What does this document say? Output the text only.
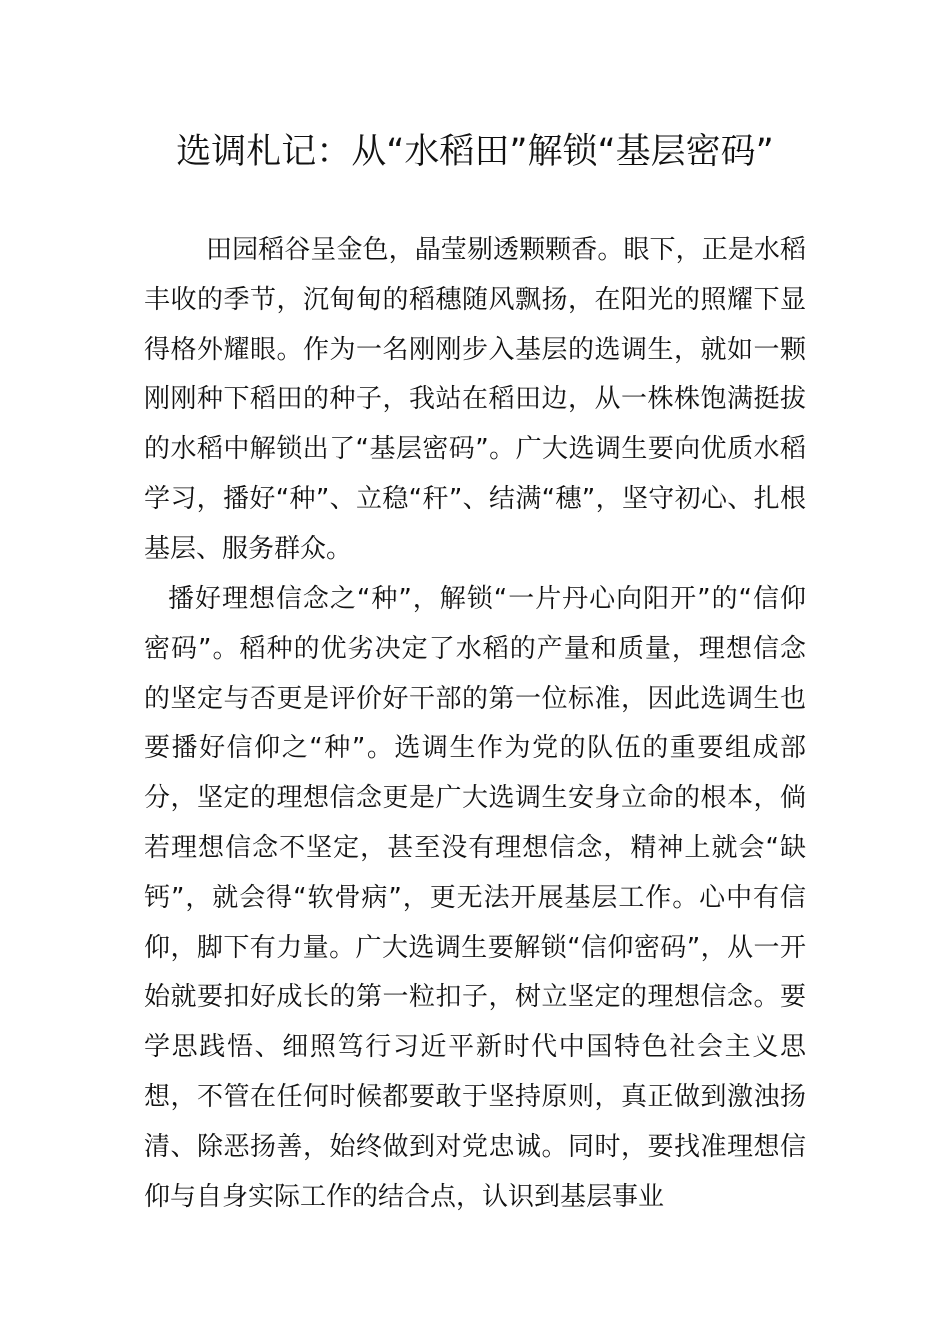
选调札记：从“水稻田”解锁“基层密码”

田园稻谷呈金色，晶莹剔透颗颗香。眼下，正是水稻丰收的季节，沉甸甸的稻穗随风飘扬，在阳光的照耀下显得格外耀眼。作为一名刚刚步入基层的选调生，就如一颗刚刚种下稻田的种子，我站在稻田边，从一株株饱满挺拔的水稻中解锁出了“基层密码”。广大选调生要向优质水稻学习，播好“种”、立稳“秆”、结满“穗”，坚守初心、扎根基层、服务群众。

播好理想信念之“种”，解锁“一片丹心向阳开”的“信仰密码”。稻种的优劣决定了水稻的产量和质量，理想信念的坚定与否更是评价好干部的第一位标准，因此选调生也要播好信仰之“种”。选调生作为党的队伍的重要组成部分，坚定的理想信念更是广大选调生安身立命的根本，倘若理想信念不坚定，甚至没有理想信念，精神上就会“缺钙”，就会得“软骨病”，更无法开展基层工作。心中有信仰，脚下有力量。广大选调生要解锁“信仰密码”，从一开始就要扣好成长的第一粒扣子，树立坚定的理想信念。要学思践悟、细照笃行习近平新时代中国特色社会主义思想，不管在任何时候都要敢于坚持原则，真正做到激浊扬清、除恶扬善，始终做到对党忠诚。同时，要找准理想信仰与自身实际工作的结合点，认识到基层事业
